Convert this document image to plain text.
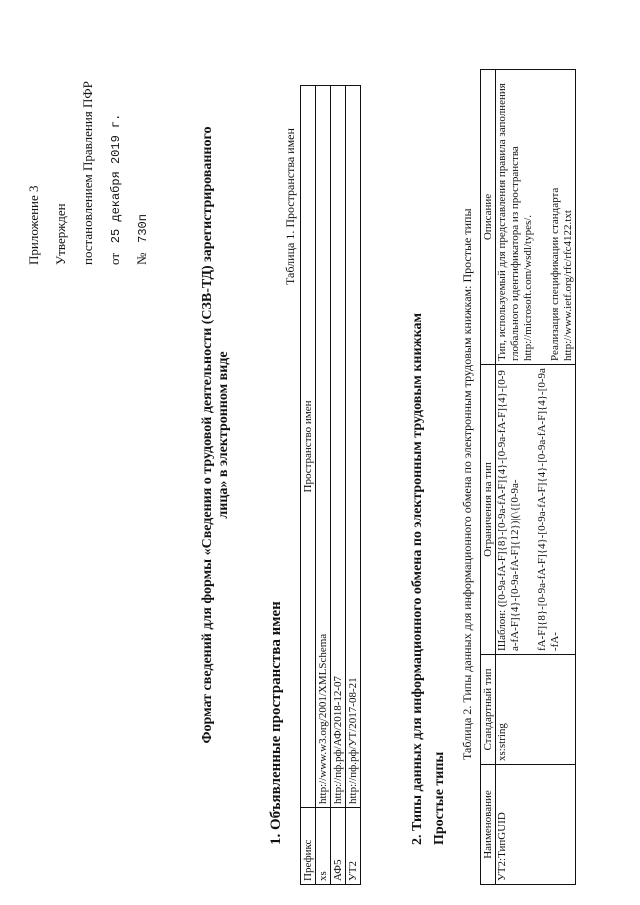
Приложение 3 Утвержден постановлением Правления ПФР от   25 декабря 2019 г.
№   730п	Формат сведений для формы «Сведения о трудовой деятельности (СЗВ-ТД) зарегистрированного лица» в электронном виде
Таблица 1. Пространства имен
Префикс	Пространство имен
xs	http://www.w3.org/2001/XMLSchema
АФ5	http://пф.рф/АФ/2018-12-07
УТ2	http://пф.рф/УТ/2017-08-21
1. Объявленные пространства имен	2. Типы данных для информационного обмена по электронным трудовым книжкам Простые типы
Таблица 2. Типы данных для информационного обмена по электронным трудовым книжкам: Простые типы
Наименование	Стандартный тип	Ограничения на тип	Описание
УТ2:ТипGUID	xs:string	Шаблон: ([0-9a-fA-F]{8}-[0-9a-fA-F]{4}-[0-9a-fA-F]{4}-[0-9a-fA-F]{4}-[0-9a-fA-F]{12})|(\{[0-9a- fA-F]{8}-[0-9a-fA-F]{4}-[0-9a-fA-F]{4}-[0-9a-fA-F]{4}-[0-9a-fA-	Тип, используемый для представления правила заполнения глобального идентификатора из пространства http://microsoft.com/wsdl/types/. Реализация спецификации стандарта http://www.ietf.org/rfc/rfc4122.txt
